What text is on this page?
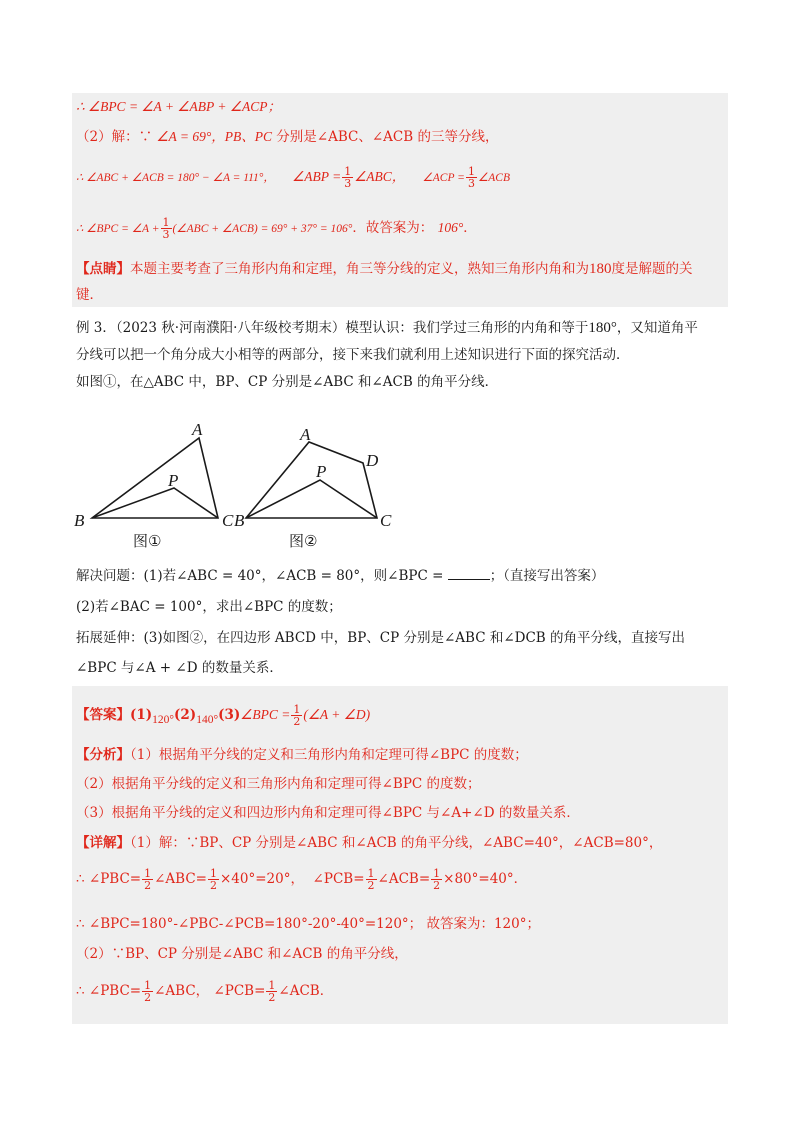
∴ ∠BPC = ∠A + ∠ABP + ∠ACP；
（2）解：∵ ∠A = 69°，PB、PC 分别是∠ABC、∠ACB 的三等分线，
∴ ∠ABC + ∠ACB = 180° − ∠A = 111°， ∠ABP = $\frac{1}{3}$ ∠ABC， ∠ACP = $\frac{1}{3}$ ∠ACB
∴ ∠BPC = ∠A + $\frac{1}{3}$ (∠ABC + ∠ACB) = 69° + 37° = 106°．故答案为： 106°．
【点睛】本题主要考查了三角形内角和定理，角三等分线的定义，熟知三角形内角和为180度是解题的关
键．
例 3．（2023 秋·河南濮阳·八年级校考期末）模型认识：我们学过三角形的内角和等于180°，又知道角平
分线可以把一个角分成大小相等的两部分，接下来我们就利用上述知识进行下面的探究活动．
如图①，在△ABC 中，BP、CP 分别是∠ABC 和∠ACB 的角平分线．
A
P
B	C
图①
A
D
P
B	C
图②
解决问题：(1)若∠ABC = 40°，∠ACB = 80°，则∠BPC =	；（直接写出答案）
(2)若∠BAC = 100°，求出∠BPC 的度数；
拓展延伸：(3)如图②，在四边形 ABCD 中，BP、CP 分别是∠ABC 和∠DCB 的角平分线，直接写出
∠BPC 与∠A + ∠D 的数量关系．
【答案】(1)120°(2)140°(3)∠BPC = $\frac{1}{2}$ (∠A + ∠D)
【分析】（1）根据角平分线的定义和三角形内角和定理可得∠BPC 的度数；
（2）根据角平分线的定义和三角形内角和定理可得∠BPC 的度数；
（3）根据角平分线的定义和四边形内角和定理可得∠BPC 与∠A+∠D 的数量关系．
【详解】（1）解：∵BP、CP 分别是∠ABC 和∠ACB 的角平分线，∠ABC=40°，∠ACB=80°，
∴ ∠PBC= $\frac{1}{2}$ ∠ABC= $\frac{1}{2} \times 40^\circ=20^\circ$， ∠PCB= $\frac{1}{2}$ ∠ACB= $\frac{1}{2} \times 80^\circ=40^\circ$．
∴ ∠BPC=180°-∠PBC-∠PCB=180°-20°-40°=120°； 故答案为：120°；
（2）∵BP、CP 分别是∠ABC 和∠ACB 的角平分线，
∴ ∠PBC= $\frac{1}{2}$ ∠ABC， ∠PCB= $\frac{1}{2}$ ∠ACB．
